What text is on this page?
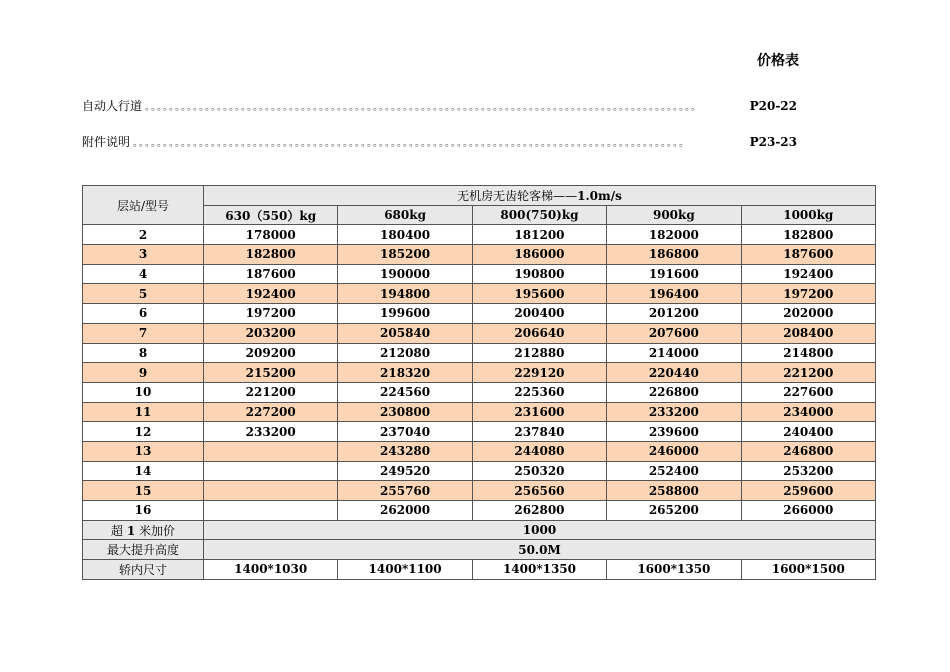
价格表
自动人行道 。。。。。。。。。。。。。。。。。。。。。。。。。。。。。。。。。。。。。。。。。。。。。。。。。。。。。。。。。。。。。。。。。。。。。。。。。。。。。。。。。。。。。。。。。。。。	P20-22
附件说明 。。。。。。。。。。。。。。。。。。。。。。。。。。。。。。。。。。。。。。。。。。。。。。。。。。。。。。。。。。。。。。。。。。。。。。。。。。。。。。。。。。。。。。。。。。。。	P23-23
层站/型号	无机房无齿轮客梯——1.0m/s				
	630（550）kg	680kg	800(750)kg	900kg	1000kg
2	178000	180400	181200	182000	182800
3	182800	185200	186000	186800	187600
4	187600	190000	190800	191600	192400
5	192400	194800	195600	196400	197200
6	197200	199600	200400	201200	202000
7	203200	205840	206640	207600	208400
8	209200	212080	212880	214000	214800
9	215200	218320	229120	220440	221200
10	221200	224560	225360	226800	227600
11	227200	230800	231600	233200	234000
12	233200	237040	237840	239600	240400
13		243280	244080	246000	246800
14		249520	250320	252400	253200
15		255760	256560	258800	259600
16		262000	262800	265200	266000
超 1 米加价	1000				
最大提升高度	50.0M				
轿内尺寸	1400*1030	1400*1100	1400*1350	1600*1350	1600*1500
